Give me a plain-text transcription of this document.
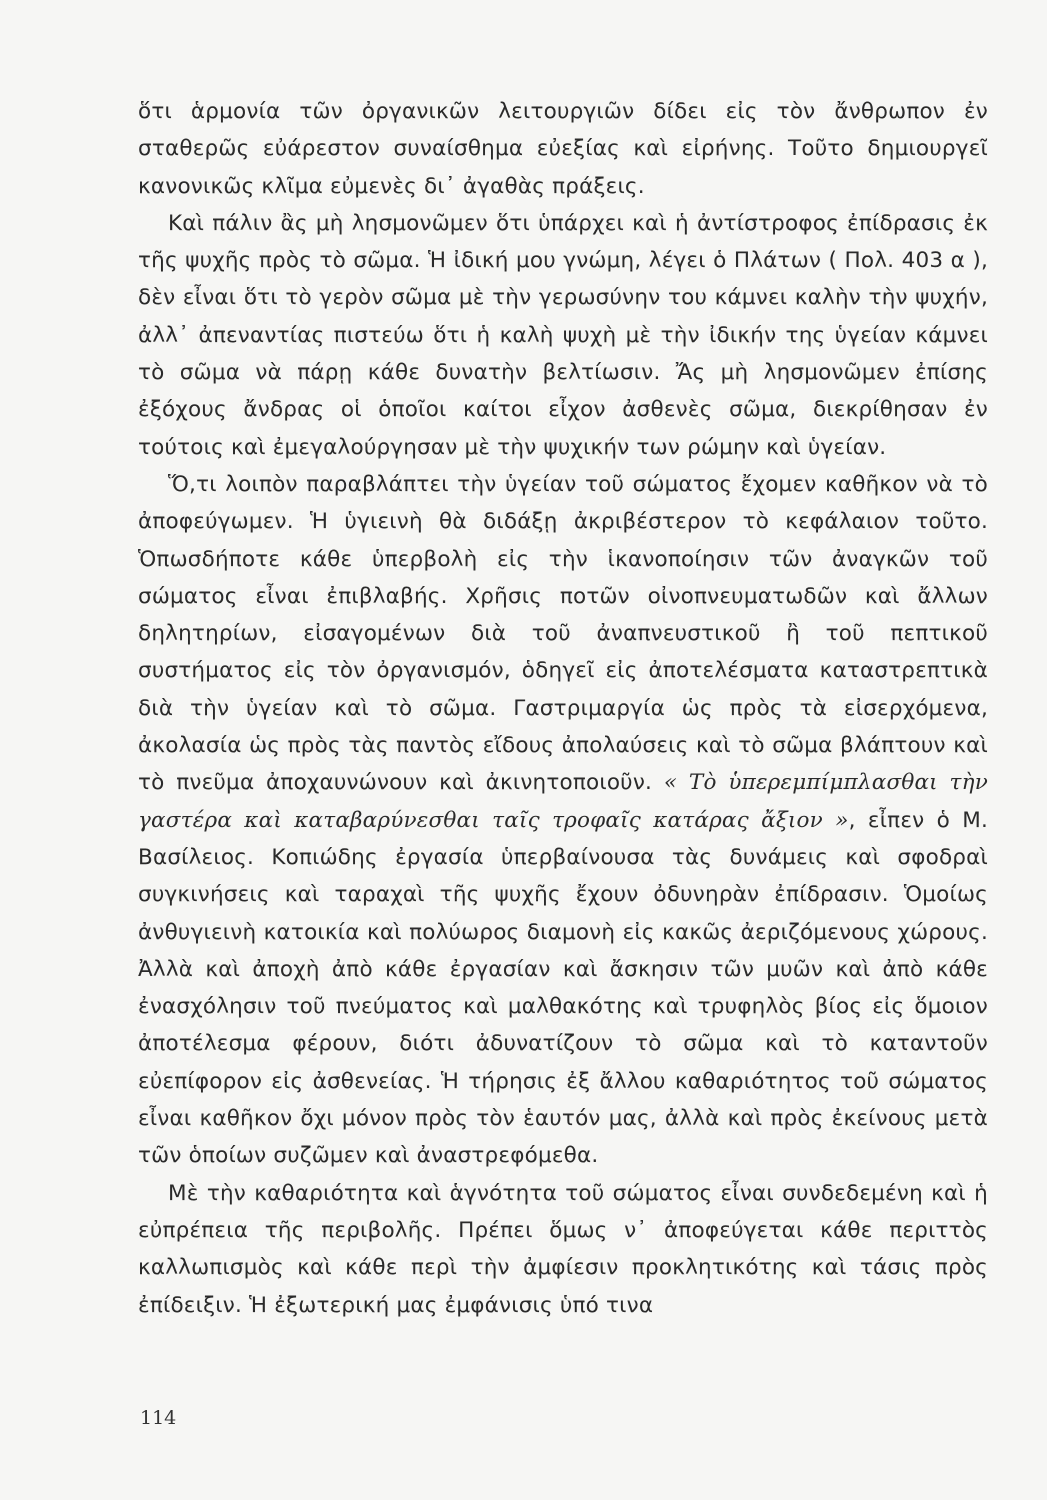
ὅτι ἁρμονία τῶν ὀργανικῶν λειτουργιῶν δίδει εἰς τὸν ἄνθρωπον ἐν σταθερῶς εὐάρεστον συναίσθημα εὐεξίας καὶ εἰρήνης. Τοῦτο δημιουργεῖ κανονικῶς κλῖμα εὐμενὲς δι᾽ ἀγαθὰς πράξεις.

Καὶ πάλιν ἂς μὴ λησμονῶμεν ὅτι ὑπάρχει καὶ ἡ ἀντίστροφος ἐπίδρασις ἐκ τῆς ψυχῆς πρὸς τὸ σῶμα. Ἡ ἰδική μου γνώμη, λέγει ὁ Πλάτων ( Πολ. 403 α ), δὲν εἶναι ὅτι τὸ γερὸν σῶμα μὲ τὴν γερωσύνην του κάμνει καλὴν τὴν ψυχήν, ἀλλ᾽ ἀπεναντίας πιστεύω ὅτι ἡ καλὴ ψυχὴ μὲ τὴν ἰδικήν της ὑγείαν κάμνει τὸ σῶμα νὰ πάρῃ κάθε δυνατὴν βελτίωσιν. Ἄς μὴ λησμονῶμεν ἐπίσης ἐξόχους ἄνδρας οἱ ὁποῖοι καίτοι εἶχον ἀσθενὲς σῶμα, διεκρίθησαν ἐν τούτοις καὶ ἐμεγαλούργησαν μὲ τὴν ψυχικήν των ρώμην καὶ ὑγείαν.

Ὅ,τι λοιπὸν παραβλάπτει τὴν ὑγείαν τοῦ σώματος ἔχομεν καθῆκον νὰ τὸ ἀποφεύγωμεν. Ἡ ὑγιεινὴ θὰ διδάξῃ ἀκριβέστερον τὸ κεφάλαιον τοῦτο. Ὁπωσδήποτε κάθε ὑπερβολὴ εἰς τὴν ἱκανοποίησιν τῶν ἀναγκῶν τοῦ σώματος εἶναι ἐπιβλαβής. Χρῆσις ποτῶν οἰνοπνευματωδῶν καὶ ἄλλων δηλητηρίων, εἰσαγομένων διὰ τοῦ ἀναπνευστικοῦ ἢ τοῦ πεπτικοῦ συστήματος εἰς τὸν ὀργανισμόν, ὁδηγεῖ εἰς ἀποτελέσματα καταστρεπτικὰ διὰ τὴν ὑγείαν καὶ τὸ σῶμα. Γαστριμαργία ὡς πρὸς τὰ εἰσερχόμενα, ἀκολασία ὡς πρὸς τὰς παντὸς εἴδους ἀπολαύσεις καὶ τὸ σῶμα βλάπτουν καὶ τὸ πνεῦμα ἀποχαυνώνουν καὶ ἀκινητοποιοῦν. « Τὸ ὑπερεμπίμπλασθαι τὴν γαστέρα καὶ καταβαρύνεσθαι ταῖς τροφαῖς κατάρας ἄξιον », εἶπεν ὁ Μ. Βασίλειος. Κοπιώδης ἐργασία ὑπερβαίνουσα τὰς δυνάμεις καὶ σφοδραὶ συγκινήσεις καὶ ταραχαὶ τῆς ψυχῆς ἔχουν ὀδυνηρὰν ἐπίδρασιν. Ὁμοίως ἀνθυγιεινὴ κατοικία καὶ πολύωρος διαμονὴ εἰς κακῶς ἀεριζόμενους χώρους. Ἀλλὰ καὶ ἀποχὴ ἀπὸ κάθε ἐργασίαν καὶ ἄσκησιν τῶν μυῶν καὶ ἀπὸ κάθε ἐνασχόλησιν τοῦ πνεύματος καὶ μαλθακότης καὶ τρυφηλὸς βίος εἰς ὅμοιον ἀποτέλεσμα φέρουν, διότι ἀδυνατίζουν τὸ σῶμα καὶ τὸ καταντοῦν εὐεπίφορον εἰς ἀσθενείας. Ἡ τήρησις ἐξ ἄλλου καθαριότητος τοῦ σώματος εἶναι καθῆκον ὄχι μόνον πρὸς τὸν ἑαυτόν μας, ἀλλὰ καὶ πρὸς ἐκείνους μετὰ τῶν ὁποίων συζῶμεν καὶ ἀναστρεφόμεθα.

Μὲ τὴν καθαριότητα καὶ ἁγνότητα τοῦ σώματος εἶναι συνδεδεμένη καὶ ἡ εὐπρέπεια τῆς περιβολῆς. Πρέπει ὅμως ν᾽ ἀποφεύγεται κάθε περιττὸς καλλωπισμὸς καὶ κάθε περὶ τὴν ἀμφίεσιν προκλητικότης καὶ τάσις πρὸς ἐπίδειξιν. Ἡ ἐξωτερική μας ἐμφάνισις ὑπό τινα

114
